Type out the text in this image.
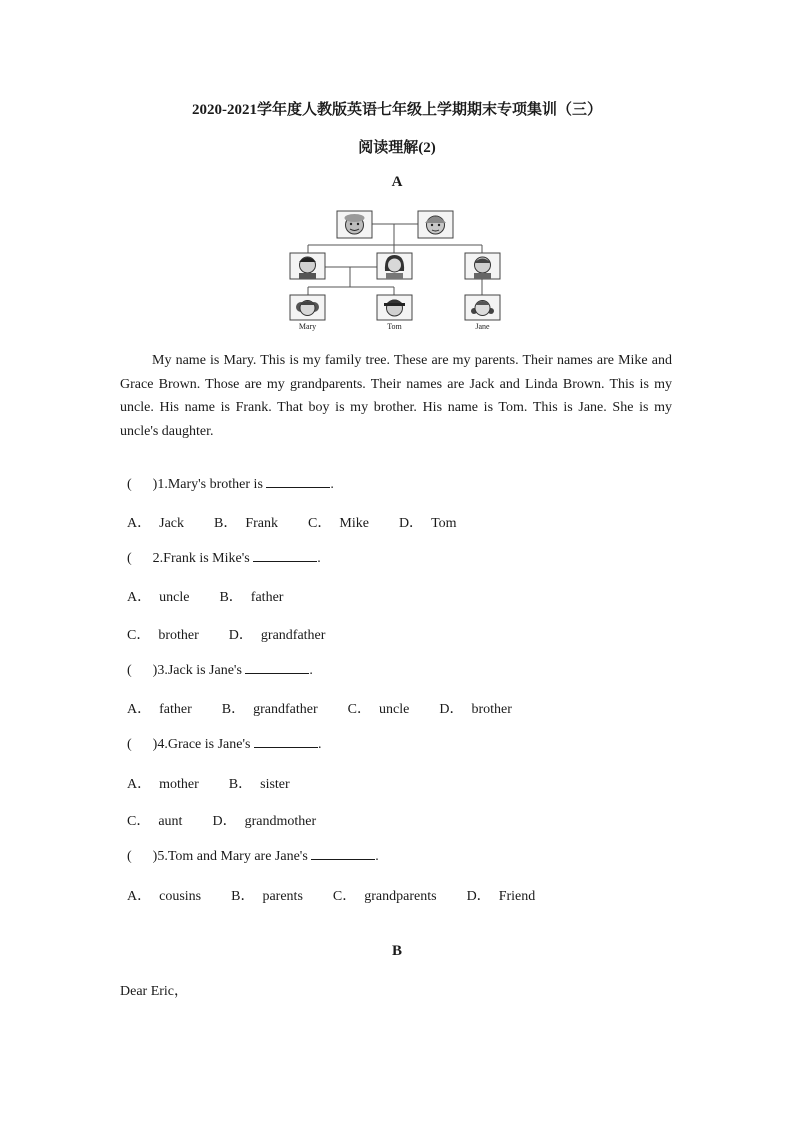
2020-2021学年度人教版英语七年级上学期期末专项集训（三）
阅读理解(2)
A
Mary	Tom	Jane

My name is Mary. This is my family tree. These are my parents. Their names are Mike and Grace Brown. Those are my grandparents. Their names are Jack and Linda Brown. This is my uncle. His name is Frank. That boy is my brother. His name is Tom. This is Jane. She is my uncle's daughter.

(      )1.Mary's brother is	.

A． Jack B． Frank C． Mike D． Tom

(      2.Frank is Mike's	.

A． uncle B． father

C． brother D． grandfather

(      )3.Jack is Jane's	.

A． father B． grandfather C． uncle D． brother

(      )4.Grace is Jane's	.

A． mother B． sister

C． aunt D． grandmother

(      )5.Tom and Mary are Jane's	.

A． cousins B． parents C． grandparents D． Friend

B
Dear Eric，
